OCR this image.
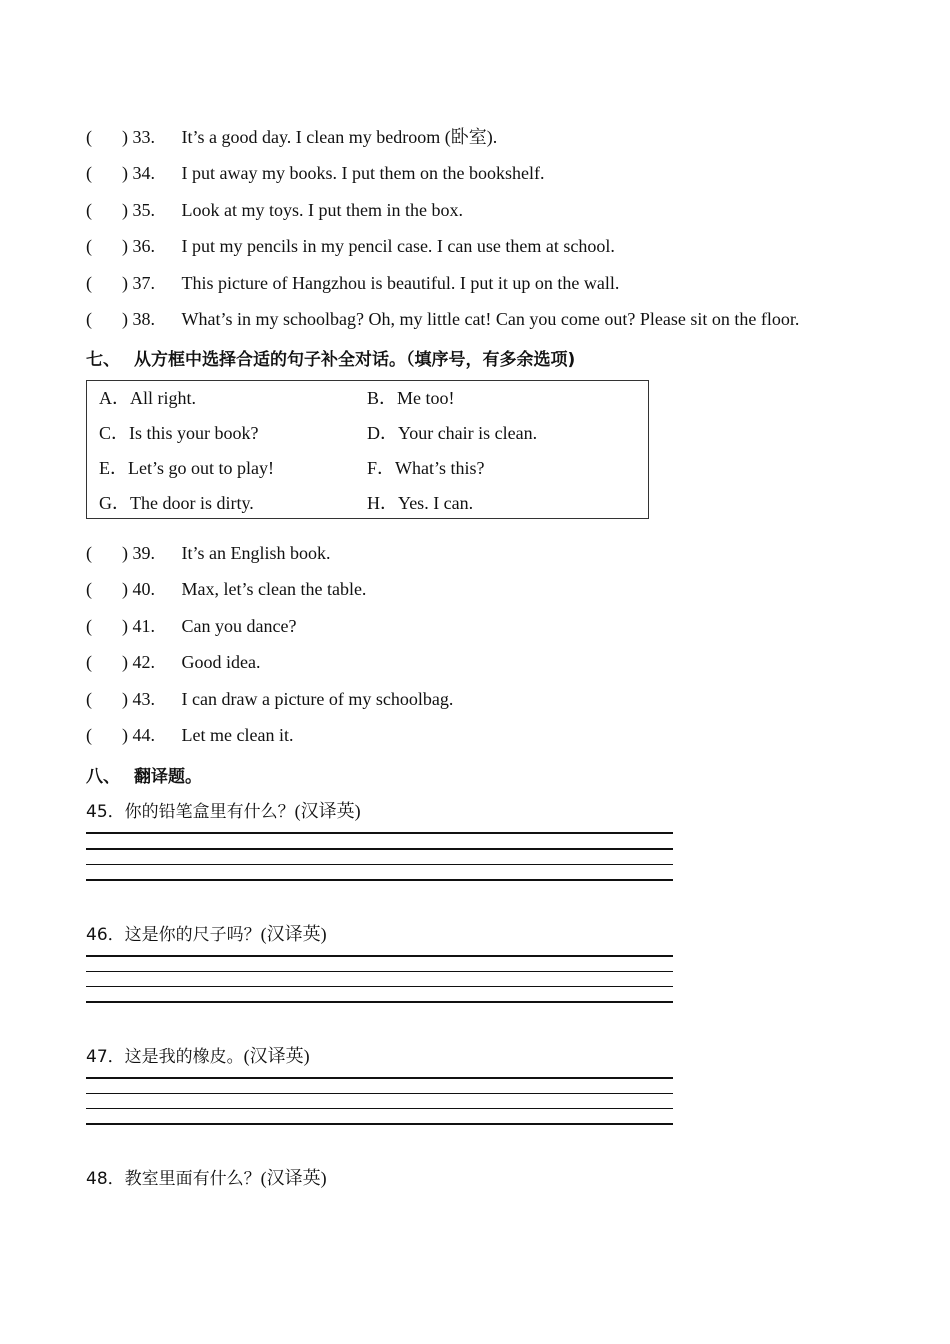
( ) 33. It’s a good day. I clean my bedroom (卧室).
( ) 34. I put away my books. I put them on the bookshelf.
( ) 35. Look at my toys. I put them in the box.
( ) 36. I put my pencils in my pencil case. I can use them at school.
( ) 37. This picture of Hangzhou is beautiful. I put it up on the wall.
( ) 38. What’s in my schoolbag? Oh, my little cat! Can you come out? Please sit on the floor.
七、 从方框中选择合适的句子补全对话。（填序号，有多余选项)
A．All right.	B．Me too!
C．Is this your book?	D．Your chair is clean.
E．Let’s go out to play!	F．What’s this?
G．The door is dirty.	H．Yes. I can.
( ) 39. It’s an English book.
( ) 40. Max, let’s clean the table.
( ) 41. Can you dance?
( ) 42. Good idea.
( ) 43. I can draw a picture of my schoolbag.
( ) 44. Let me clean it.
八、 翻译题。
45．你的铅笔盒里有什么？(汉译英)
46．这是你的尺子吗？(汉译英)
47．这是我的橡皮。(汉译英)
48．教室里面有什么？(汉译英)
